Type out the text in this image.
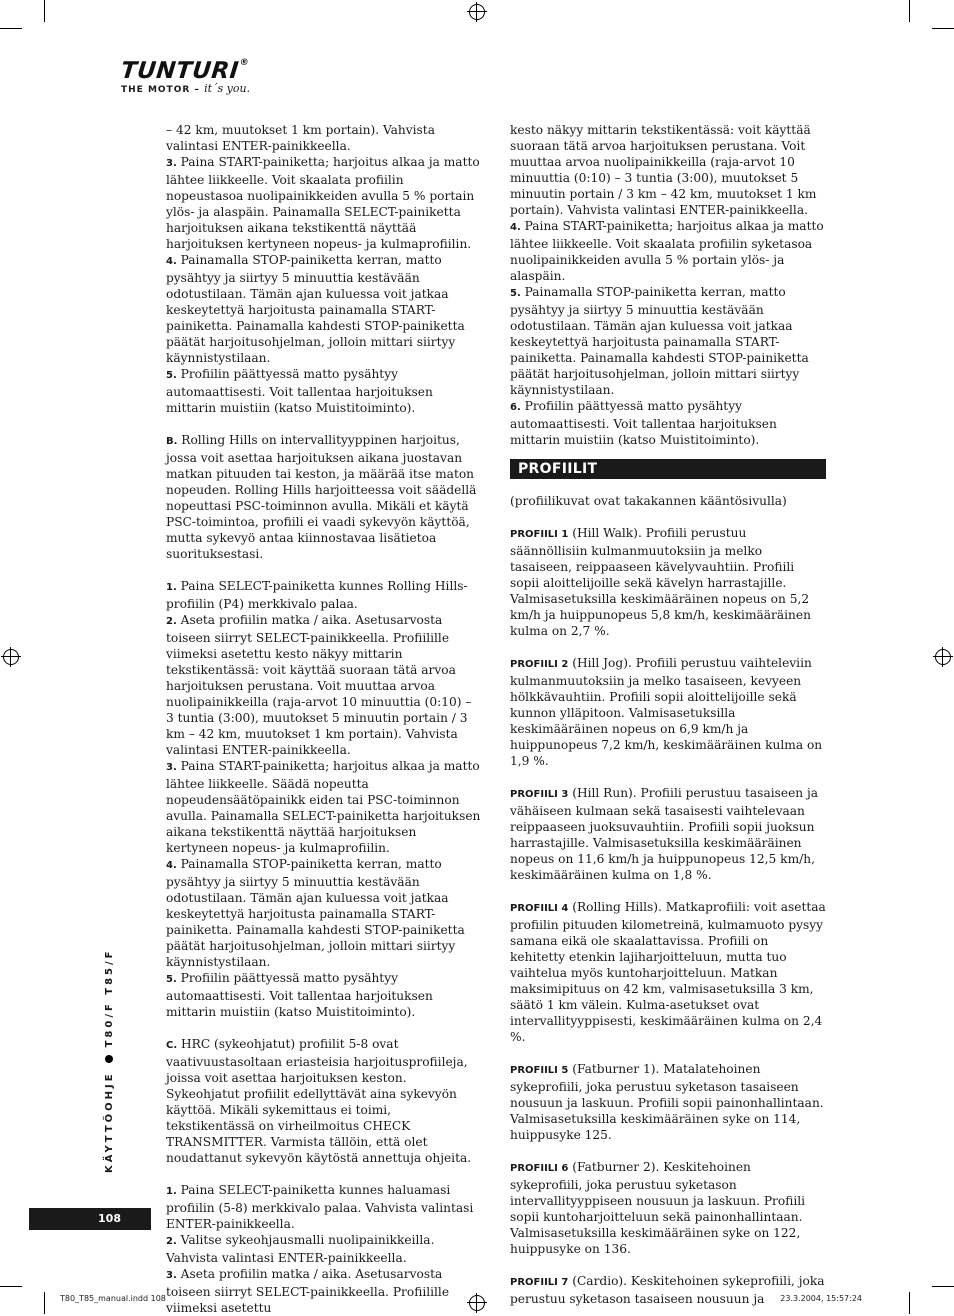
TUNTURI®
THE MOTOR – it´s you.

– 42 km, muutokset 1 km portain). Vahvista valintasi ENTER-painikkeella.

3. Paina START-painiketta; harjoitus alkaa ja matto lähtee liikkeelle. Voit skaalata profiilin nopeustasoa nuolipainikkeiden avulla 5 % portain ylös- ja alaspäin. Painamalla SELECT-painiketta harjoituksen aikana tekstikenttä näyttää harjoituksen kertyneen nopeus- ja kulmaprofiilin.

4. Painamalla STOP-painiketta kerran, matto pysähtyy ja siirtyy 5 minuuttia kestävään odotustilaan. Tämän ajan kuluessa voit jatkaa keskeytettyä harjoitusta painamalla START-painiketta. Painamalla kahdesti STOP-painiketta päätät harjoitusohjelman, jolloin mittari siirtyy käynnistystilaan.

5. Profiilin päättyessä matto pysähtyy automaattisesti. Voit tallentaa harjoituksen mittarin muistiin (katso Muistitoiminto).

B. Rolling Hills on intervallityyppinen harjoitus, jossa voit asettaa harjoituksen aikana juostavan matkan pituuden tai keston, ja määrää itse maton nopeuden. Rolling Hills harjoitteessa voit säädellä nopeuttasi PSC-toiminnon avulla. Mikäli et käytä PSC-toimintoa, profiili ei vaadi sykevyön käyttöä, mutta sykevyö antaa kiinnostavaa lisätietoa suorituksestasi.

1. Paina SELECT-painiketta kunnes Rolling Hills-profiilin (P4) merkkivalo palaa.

2. Aseta profiilin matka / aika. Asetusarvosta toiseen siirryt SELECT-painikkeella. Profiilille viimeksi asetettu kesto näkyy mittarin tekstikentässä: voit käyttää suoraan tätä arvoa harjoituksen perustana. Voit muuttaa arvoa nuolipainikkeilla (raja-arvot 10 minuuttia (0:10) – 3 tuntia (3:00), muutokset 5 minuutin portain / 3 km – 42 km, muutokset 1 km portain). Vahvista valintasi ENTER-painikkeella.

3. Paina START-painiketta; harjoitus alkaa ja matto lähtee liikkeelle. Säädä nopeutta nopeudensäätöpainikk eiden tai PSC-toiminnon avulla. Painamalla SELECT-painiketta harjoituksen aikana tekstikenttä näyttää harjoituksen kertyneen nopeus- ja kulmaprofiilin.

4. Painamalla STOP-painiketta kerran, matto pysähtyy ja siirtyy 5 minuuttia kestävään odotustilaan. Tämän ajan kuluessa voit jatkaa keskeytettyä harjoitusta painamalla START-painiketta. Painamalla kahdesti STOP-painiketta päätät harjoitusohjelman, jolloin mittari siirtyy käynnistystilaan.

5. Profiilin päättyessä matto pysähtyy automaattisesti. Voit tallentaa harjoituksen mittarin muistiin (katso Muistitoiminto).

C. HRC (sykeohjatut) profiilit 5-8 ovat vaativuustasoltaan eriasteisia harjoitusprofiileja, joissa voit asettaa harjoituksen keston. Sykeohjatut profiilit edellyttävät aina sykevyön käyttöä. Mikäli sykemittaus ei toimi, tekstikentässä on virheilmoitus CHECK TRANSMITTER. Varmista tällöin, että olet noudattanut sykevyön käytöstä annettuja ohjeita.

1. Paina SELECT-painiketta kunnes haluamasi profiilin (5-8) merkkivalo palaa. Vahvista valintasi ENTER-painikkeella.

2. Valitse sykeohjausmalli nuolipainikkeilla. Vahvista valintasi ENTER-painikkeella.

3. Aseta profiilin matka / aika. Asetusarvosta toiseen siirryt SELECT-painikkeella. Profiilille viimeksi asetettu

kesto näkyy mittarin tekstikentässä: voit käyttää suoraan tätä arvoa harjoituksen perustana. Voit muuttaa arvoa nuolipainikkeilla (raja-arvot 10 minuuttia (0:10) – 3 tuntia (3:00), muutokset 5 minuutin portain / 3 km – 42 km, muutokset 1 km portain). Vahvista valintasi ENTER-painikkeella.

4. Paina START-painiketta; harjoitus alkaa ja matto lähtee liikkeelle. Voit skaalata profiilin syketasoa nuolipainikkeiden avulla 5 % portain ylös- ja alaspäin.

5. Painamalla STOP-painiketta kerran, matto pysähtyy ja siirtyy 5 minuuttia kestävään odotustilaan. Tämän ajan kuluessa voit jatkaa keskeytettyä harjoitusta painamalla START-painiketta. Painamalla kahdesti STOP-painiketta päätät harjoitusohjelman, jolloin mittari siirtyy käynnistystilaan.

6. Profiilin päättyessä matto pysähtyy automaattisesti. Voit tallentaa harjoituksen mittarin muistiin (katso Muistitoiminto).

PROFIILIT

(profiilikuvat ovat takakannen kääntösivulla)

PROFIILI 1 (Hill Walk). Profiili perustuu säännöllisiin kulmanmuutoksiin ja melko tasaiseen, reippaaseen kävelyvauhtiin. Profiili sopii aloittelijoille sekä kävelyn harrastajille. Valmisasetuksilla keskimääräinen nopeus on 5,2 km/h ja huippunopeus 5,8 km/h, keskimääräinen kulma on 2,7 %.

PROFIILI 2 (Hill Jog). Profiili perustuu vaihteleviin kulmanmuutoksiin ja melko tasaiseen, kevyeen hölkkävauhtiin. Profiili sopii aloittelijoille sekä kunnon ylläpitoon. Valmisasetuksilla keskimääräinen nopeus on 6,9 km/h ja huippunopeus 7,2 km/h, keskimääräinen kulma on 1,9 %.

PROFIILI 3 (Hill Run). Profiili perustuu tasaiseen ja vähäiseen kulmaan sekä tasaisesti vaihtelevaan reippaaseen juoksuvauhtiin. Profiili sopii juoksun harrastajille. Valmisasetuksilla keskimääräinen nopeus on 11,6 km/h ja huippunopeus 12,5 km/h, keskimääräinen kulma on 1,8 %.

PROFIILI 4 (Rolling Hills). Matkaprofiili: voit asettaa profiilin pituuden kilometreinä, kulmamuoto pysyy samana eikä ole skaalattavissa. Profiili on kehitetty etenkin lajiharjoitteluun, mutta tuo vaihtelua myös kuntoharjoitteluun. Matkan maksimipituus on 42 km, valmisasetuksilla 3 km, säätö 1 km välein. Kulma-asetukset ovat intervallityyppisesti, keskimääräinen kulma on 2,4 %.

PROFIILI 5 (Fatburner 1). Matalatehoinen sykeprofiili, joka perustuu syketason tasaiseen nousuun ja laskuun. Profiili sopii painonhallintaan. Valmisasetuksilla keskimääräinen syke on 114, huippusyke 125.

PROFIILI 6 (Fatburner 2). Keskitehoinen sykeprofiili, joka perustuu syketason intervallityyppiseen nousuun ja laskuun. Profiili sopii kuntoharjoitteluun sekä painonhallintaan. Valmisasetuksilla keskimääräinen syke on 122, huippusyke on 136.

PROFIILI 7 (Cardio). Keskitehoinen sykeprofiili, joka perustuu syketason tasaiseen nousuun ja

KÄYTTÖOHJET80/F T85/F
108
T80_T85_manual.indd 108	23.3.2004, 15:57:24
